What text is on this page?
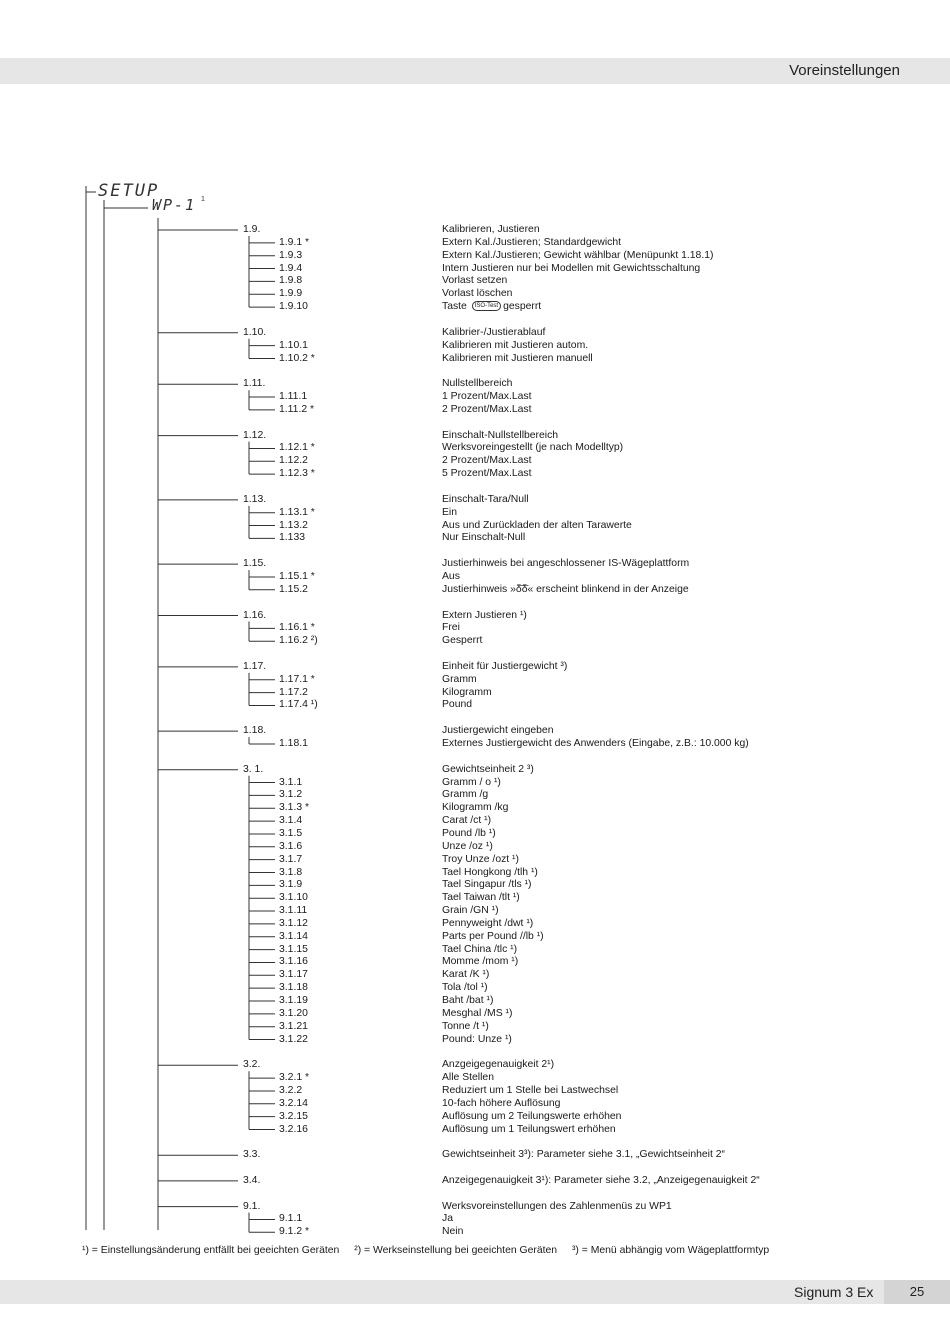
Voreinstellungen
SETUP
WP-1 1
1.9.	Kalibrieren, Justieren
1.9.1 *	Extern Kal./Justieren; Standardgewicht
1.9.3	Extern Kal./Justieren; Gewicht wählbar (Menüpunkt 1.18.1)
1.9.4	Intern Justieren nur bei Modellen mit Gewichtsschaltung
1.9.8	Vorlast setzen
1.9.9	Vorlast löschen
1.9.10	Taste ISO-Test gesperrt
1.10.	Kalibrier-/Justierablauf
1.10.1	Kalibrieren mit Justieren autom.
1.10.2 *	Kalibrieren mit Justieren manuell
1.11.	Nullstellbereich
1.11.1	1 Prozent/Max.Last
1.11.2 *	2 Prozent/Max.Last
1.12.	Einschalt-Nullstellbereich
1.12.1 *	Werksvoreingestellt (je nach Modelltyp)
1.12.2	2 Prozent/Max.Last
1.12.3 *	5 Prozent/Max.Last
1.13.	Einschalt-Tara/Null
1.13.1 *	Ein
1.13.2	Aus und Zurückladen der alten Tarawerte
1.133	Nur Einschalt-Null
1.15.	Justierhinweis bei angeschlossener IS-Wägeplattform
1.15.1 *	Aus
1.15.2	Justierhinweis »δ͞δ« erscheint blinkend in der Anzeige
1.16.	Extern Justieren ¹)
1.16.1 *	Frei
1.16.2 ²)	Gesperrt
1.17.	Einheit für Justiergewicht ³)
1.17.1 *	Gramm
1.17.2	Kilogramm
1.17.4 ¹)	Pound
1.18.	Justiergewicht eingeben
1.18.1	Externes Justiergewicht des Anwenders (Eingabe, z.B.: 10.000 kg)
3. 1.	Gewichtseinheit 2 ³)
3.1.1	Gramm / o ¹)
3.1.2	Gramm /g
3.1.3 *	Kilogramm /kg
3.1.4	Carat /ct ¹)
3.1.5	Pound /lb ¹)
3.1.6	Unze /oz ¹)
3.1.7	Troy Unze /ozt ¹)
3.1.8	Tael Hongkong /tlh ¹)
3.1.9	Tael Singapur /tls ¹)
3.1.10	Tael Taiwan /tlt ¹)
3.1.11	Grain /GN ¹)
3.1.12	Pennyweight /dwt ¹)
3.1.14	Parts per Pound //lb ¹)
3.1.15	Tael China /tlc ¹)
3.1.16	Momme /mom ¹)
3.1.17	Karat /K ¹)
3.1.18	Tola /tol ¹)
3.1.19	Baht /bat ¹)
3.1.20	Mesghal /MS ¹)
3.1.21	Tonne /t ¹)
3.1.22	Pound: Unze ¹)
3.2.	Anzgeigegenauigkeit 2¹)
3.2.1 *	Alle Stellen
3.2.2	Reduziert um 1 Stelle bei Lastwechsel
3.2.14	10-fach höhere Auflösung
3.2.15	Auflösung um 2 Teilungswerte erhöhen
3.2.16	Auflösung um 1 Teilungswert erhöhen
3.3.	Gewichtseinheit 3³): Parameter siehe 3.1, „Gewichtseinheit 2“
3.4.	Anzeigegenauigkeit 3¹): Parameter siehe 3.2, „Anzeigegenauigkeit 2“
9.1.	Werksvoreinstellungen des Zahlenmenüs zu WP1
9.1.1	Ja
9.1.2 *	Nein
¹) = Einstellungsänderung entfällt bei geeichten Geräten ²) = Werkseinstellung bei geeichten Geräten ³) = Menü abhängig vom Wägeplattformtyp
Signum 3 Ex	25
